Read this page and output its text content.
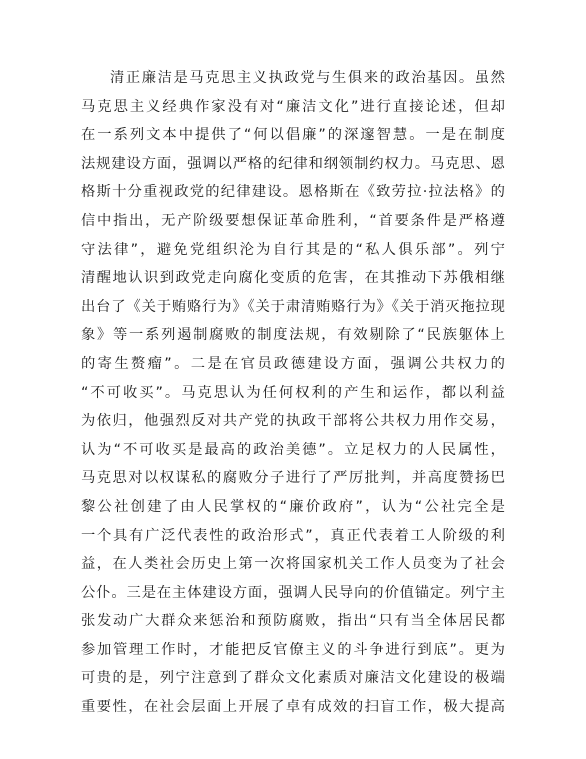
清正廉洁是马克思主义执政党与生俱来的政治基因。虽然
马克思主义经典作家没有对“廉洁文化”进行直接论述，但却
在一系列文本中提供了“何以倡廉”的深邃智慧。一是在制度
法规建设方面，强调以严格的纪律和纲领制约权力。马克思、恩
格斯十分重视政党的纪律建设。恩格斯在《致劳拉·拉法格》的
信中指出，无产阶级要想保证革命胜利，“首要条件是严格遵
守法律”，避免党组织沦为自行其是的“私人俱乐部”。列宁
清醒地认识到政党走向腐化变质的危害，在其推动下苏俄相继
出台了《关于贿赂行为》《关于肃清贿赂行为》《关于消灭拖拉现
象》等一系列遏制腐败的制度法规，有效剔除了“民族躯体上
的寄生赘瘤”。二是在官员政德建设方面，强调公共权力的
“不可收买”。马克思认为任何权利的产生和运作，都以利益
为依归，他强烈反对共产党的执政干部将公共权力用作交易，
认为“不可收买是最高的政治美德”。立足权力的人民属性，
马克思对以权谋私的腐败分子进行了严厉批判，并高度赞扬巴
黎公社创建了由人民掌权的“廉价政府”，认为“公社完全是
一个具有广泛代表性的政治形式”，真正代表着工人阶级的利
益，在人类社会历史上第一次将国家机关工作人员变为了社会
公仆。三是在主体建设方面，强调人民导向的价值锚定。列宁主
张发动广大群众来惩治和预防腐败，指出“只有当全体居民都
参加管理工作时，才能把反官僚主义的斗争进行到底”。更为
可贵的是，列宁注意到了群众文化素质对廉洁文化建设的极端
重要性，在社会层面上开展了卓有成效的扫盲工作，极大提高
